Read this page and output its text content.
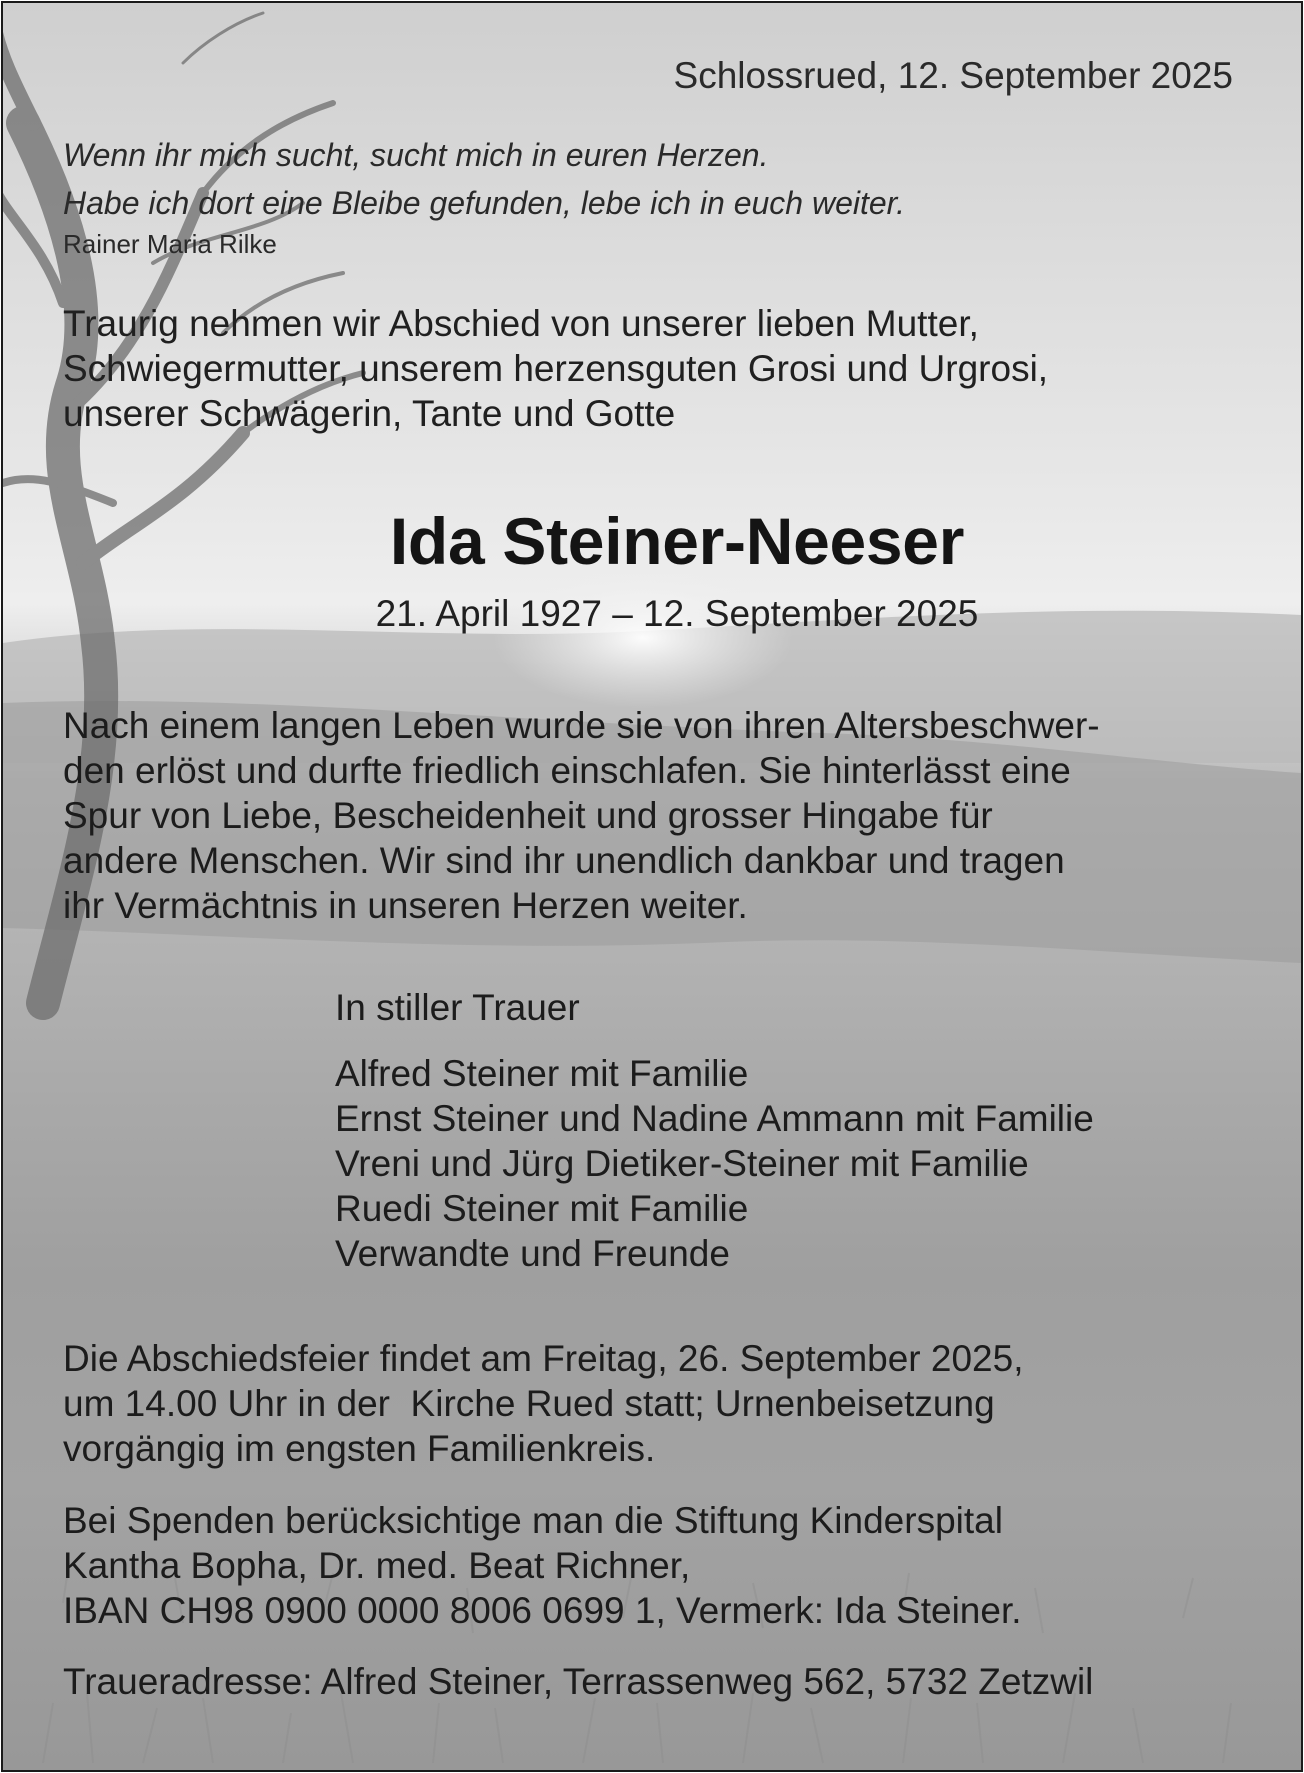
Schlossrued, 12. September 2025

Wenn ihr mich sucht, sucht mich in euren Herzen.
Habe ich dort eine Bleibe gefunden, lebe ich in euch weiter.

Rainer Maria Rilke

Traurig nehmen wir Abschied von unserer lieben Mutter,
Schwiegermutter, unserem herzensguten Grosi und Urgrosi,
unserer Schwägerin, Tante und Gotte

Ida Steiner-Neeser

21. April 1927 – 12. September 2025

Nach einem langen Leben wurde sie von ihren Altersbeschwer-
den erlöst und durfte friedlich einschlafen. Sie hinterlässt eine
Spur von Liebe, Bescheidenheit und grosser Hingabe für
andere Menschen. Wir sind ihr unendlich dankbar und tragen
ihr Vermächtnis in unseren Herzen weiter.

In stiller Trauer

Alfred Steiner mit Familie
Ernst Steiner und Nadine Ammann mit Familie
Vreni und Jürg Dietiker-Steiner mit Familie
Ruedi Steiner mit Familie
Verwandte und Freunde

Die Abschiedsfeier findet am Freitag, 26. September 2025,
um 14.00 Uhr in der  Kirche Rued statt; Urnenbeisetzung
vorgängig im engsten Familienkreis.

Bei Spenden berücksichtige man die Stiftung Kinderspital
Kantha Bopha, Dr. med. Beat Richner,
IBAN CH98 0900 0000 8006 0699 1, Vermerk: Ida Steiner.

Traueradresse: Alfred Steiner, Terrassenweg 562, 5732 Zetzwil
